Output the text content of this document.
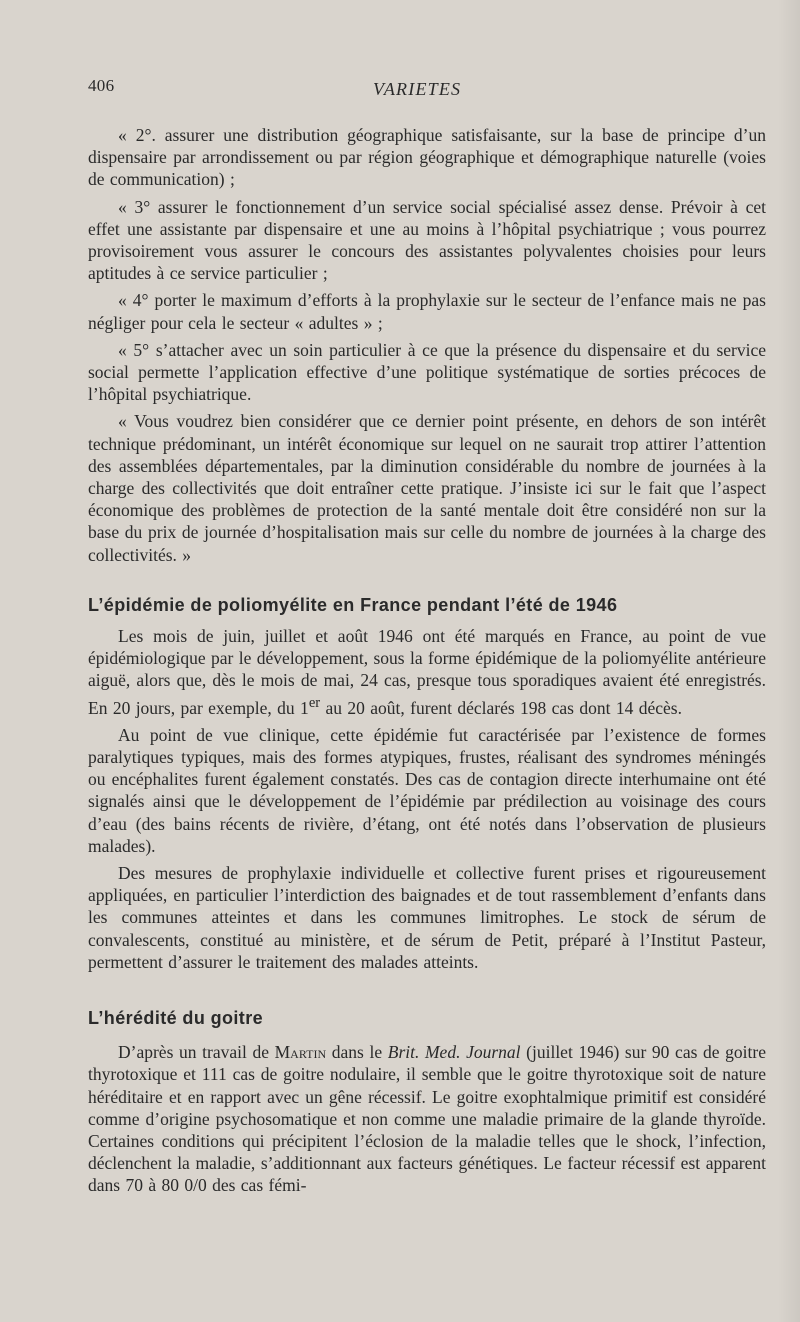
406	VARIETES

« 2°. assurer une distribution géographique satisfaisante, sur la base de principe d’un dispensaire par arrondissement ou par région géographique et démographique naturelle (voies de communication) ;

« 3° assurer le fonctionnement d’un service social spécialisé assez dense. Prévoir à cet effet une assistante par dispensaire et une au moins à l’hôpital psychiatrique ; vous pourrez provisoirement vous assurer le concours des assistantes polyvalentes choisies pour leurs aptitudes à ce service particulier ;

« 4° porter le maximum d’efforts à la prophylaxie sur le secteur de l’enfance mais ne pas négliger pour cela le secteur « adultes » ;

« 5° s’attacher avec un soin particulier à ce que la présence du dispensaire et du service social permette l’application effective d’une politique systématique de sorties précoces de l’hôpital psychiatrique.

« Vous voudrez bien considérer que ce dernier point présente, en dehors de son intérêt technique prédominant, un intérêt économique sur lequel on ne saurait trop attirer l’attention des assemblées départementales, par la diminution considérable du nombre de journées à la charge des collectivités que doit entraîner cette pratique. J’insiste ici sur le fait que l’aspect économique des problèmes de protection de la santé mentale doit être considéré non sur la base du prix de journée d’hospitalisation mais sur celle du nombre de journées à la charge des collectivités. »

L’épidémie de poliomyélite en France pendant l’été de 1946

Les mois de juin, juillet et août 1946 ont été marqués en France, au point de vue épidémiologique par le développement, sous la forme épidémique de la poliomyélite antérieure aiguë, alors que, dès le mois de mai, 24 cas, presque tous sporadiques avaient été enregistrés. En 20 jours, par exemple, du 1er au 20 août, furent déclarés 198 cas dont 14 décès.

Au point de vue clinique, cette épidémie fut caractérisée par l’existence de formes paralytiques typiques, mais des formes atypiques, frustes, réalisant des syndromes méningés ou encéphalites furent également constatés. Des cas de contagion directe interhumaine ont été signalés ainsi que le développement de l’épidémie par prédilection au voisinage des cours d’eau (des bains récents de rivière, d’étang, ont été notés dans l’observation de plusieurs malades).

Des mesures de prophylaxie individuelle et collective furent prises et rigoureusement appliquées, en particulier l’interdiction des baignades et de tout rassemblement d’enfants dans les communes atteintes et dans les communes limitrophes. Le stock de sérum de convalescents, constitué au ministère, et de sérum de Petit, préparé à l’Institut Pasteur, permettent d’assurer le traitement des malades atteints.

L’hérédité du goitre

D’après un travail de Martin dans le Brit. Med. Journal (juillet 1946) sur 90 cas de goitre thyrotoxique et 111 cas de goitre nodulaire, il semble que le goitre thyrotoxique soit de nature héréditaire et en rapport avec un gêne récessif. Le goitre exophtalmique primitif est considéré comme d’origine psychosomatique et non comme une maladie primaire de la glande thyroïde. Certaines conditions qui précipitent l’éclosion de la maladie telles que le shock, l’infection, déclenchent la maladie, s’additionnant aux facteurs génétiques. Le facteur récessif est apparent dans 70 à 80 0/0 des cas fémi-
